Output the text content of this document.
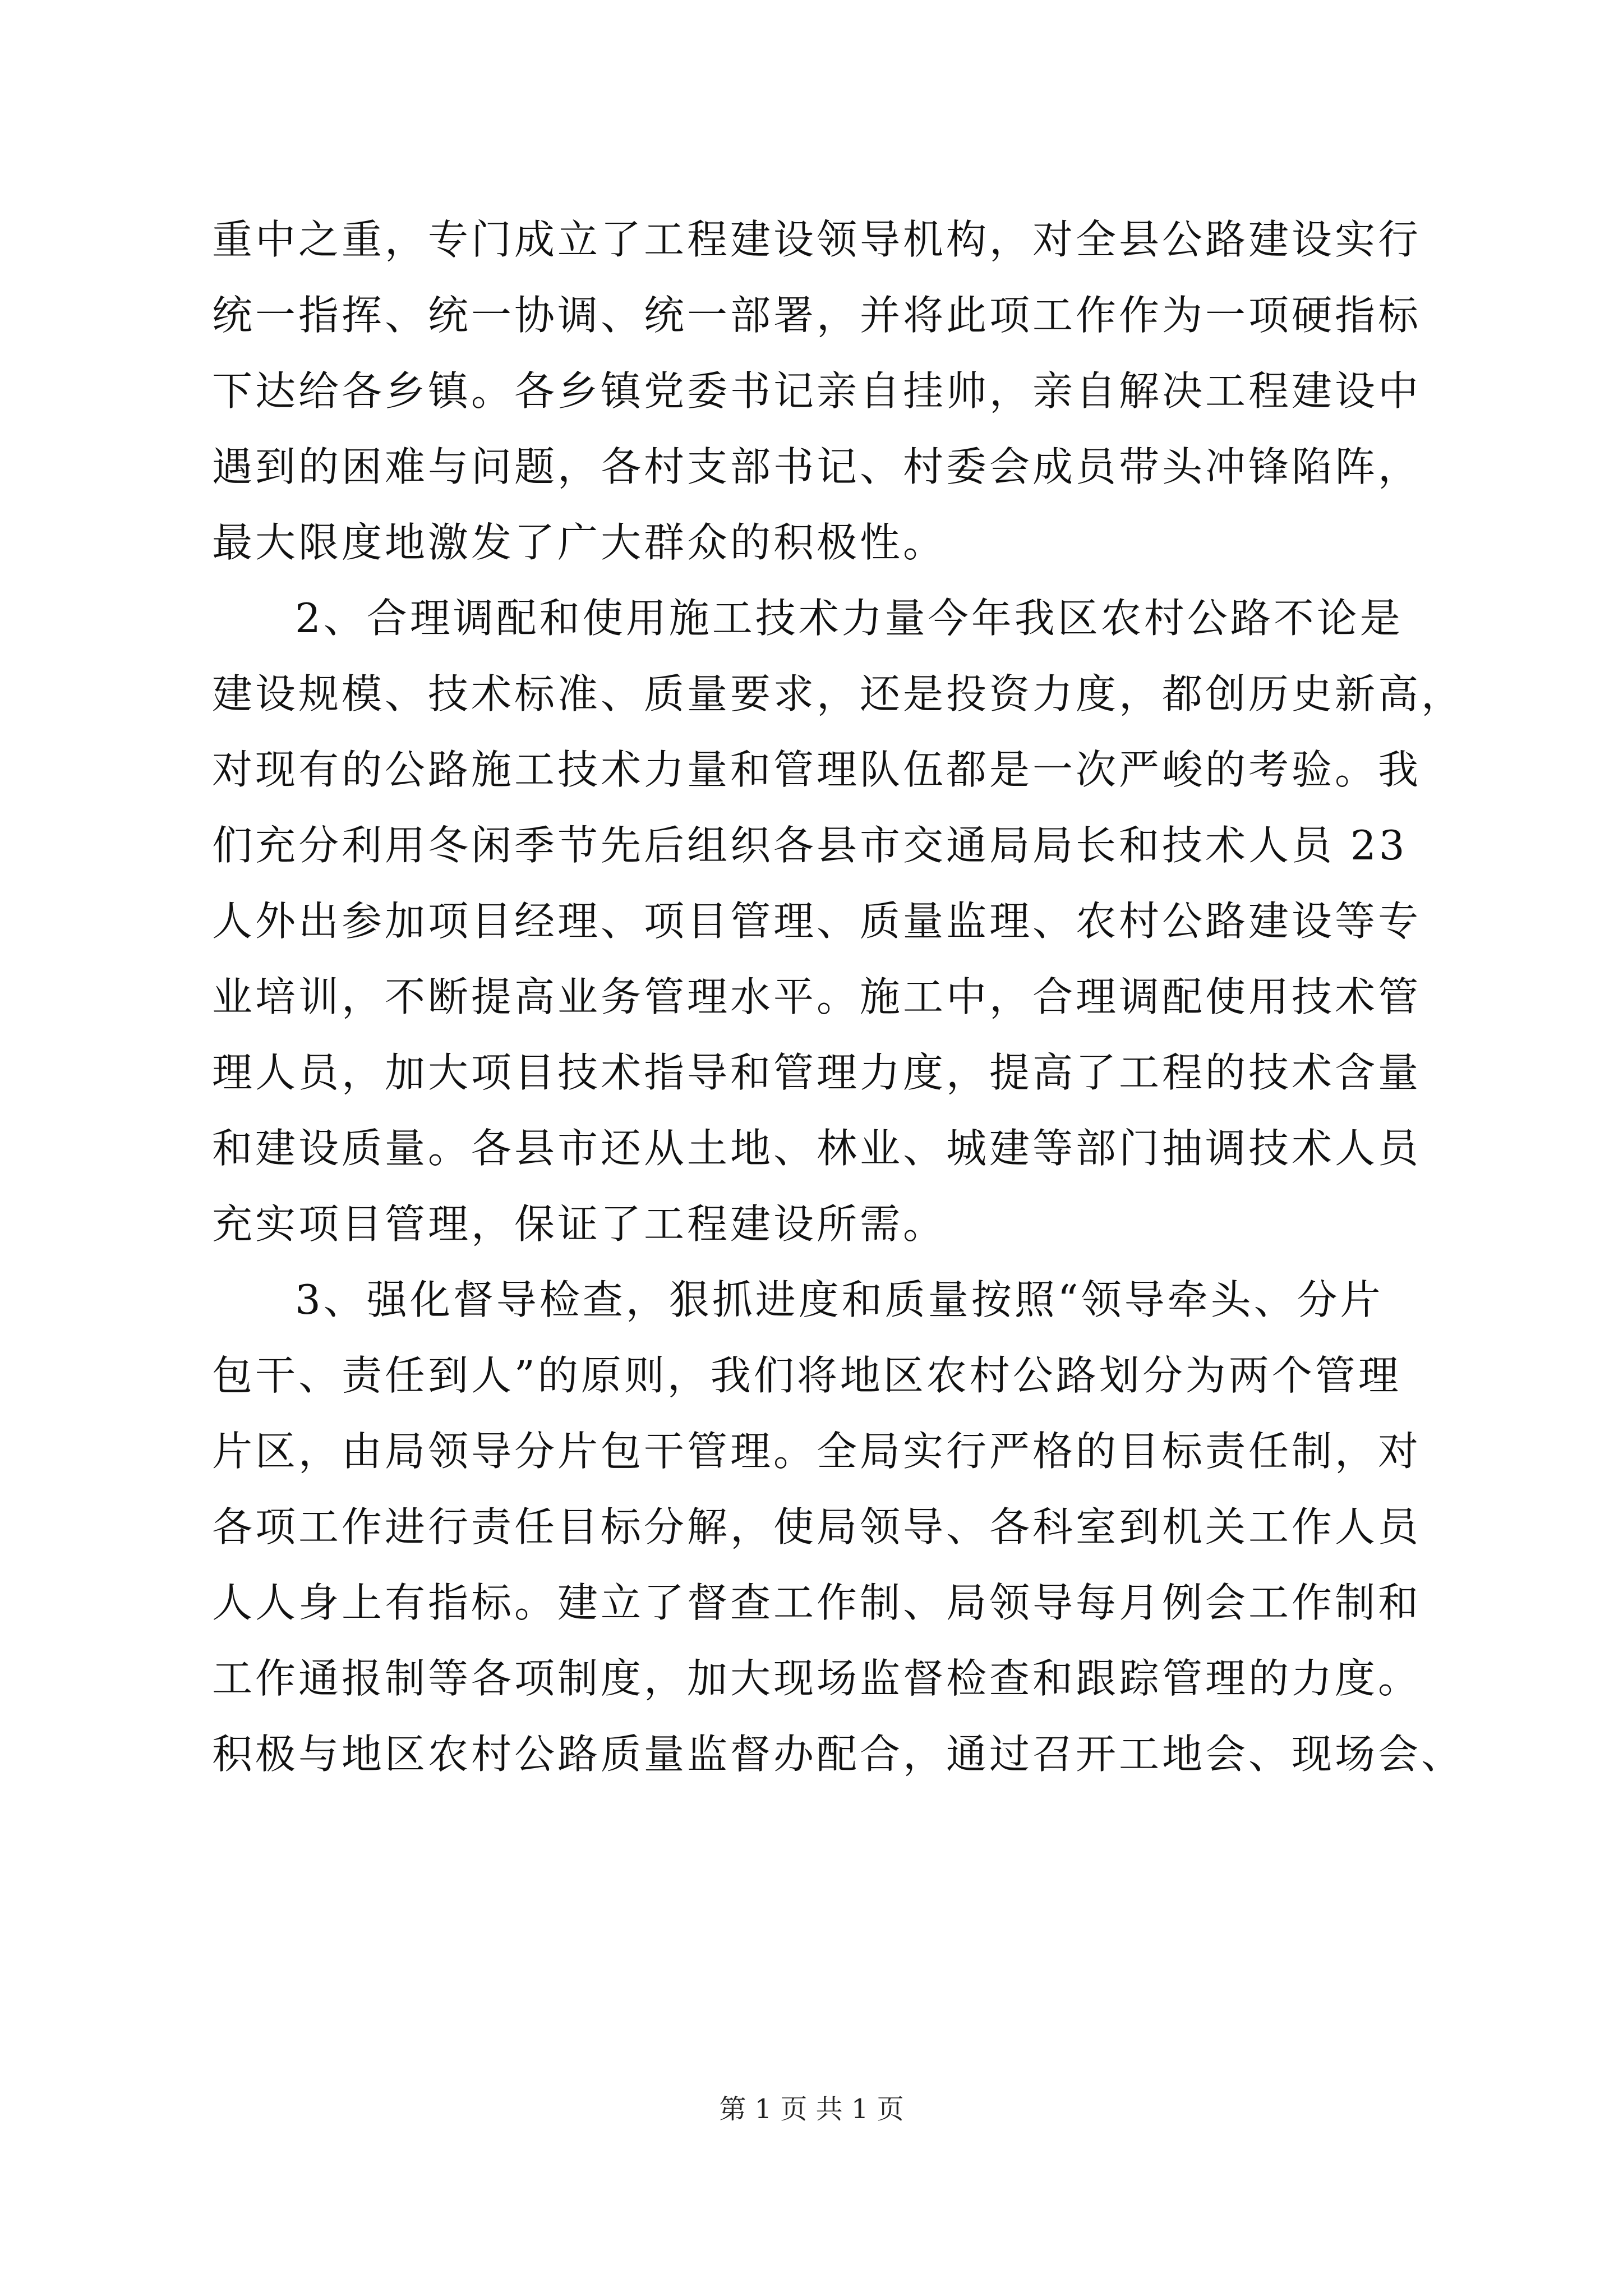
重中之重，专门成立了工程建设领导机构，对全县公路建设实行
统一指挥、统一协调、统一部署，并将此项工作作为一项硬指标
下达给各乡镇。各乡镇党委书记亲自挂帅，亲自解决工程建设中
遇到的困难与问题，各村支部书记、村委会成员带头冲锋陷阵，
最大限度地激发了广大群众的积极性。
2、合理调配和使用施工技术力量今年我区农村公路不论是
建设规模、技术标准、质量要求，还是投资力度，都创历史新高，
对现有的公路施工技术力量和管理队伍都是一次严峻的考验。我
们充分利用冬闲季节先后组织各县市交通局局长和技术人员 23
人外出参加项目经理、项目管理、质量监理、农村公路建设等专
业培训，不断提高业务管理水平。施工中，合理调配使用技术管
理人员，加大项目技术指导和管理力度，提高了工程的技术含量
和建设质量。各县市还从土地、林业、城建等部门抽调技术人员
充实项目管理，保证了工程建设所需。
3、强化督导检查，狠抓进度和质量按照“领导牵头、分片
包干、责任到人”的原则，我们将地区农村公路划分为两个管理
片区，由局领导分片包干管理。全局实行严格的目标责任制，对
各项工作进行责任目标分解，使局领导、各科室到机关工作人员
人人身上有指标。建立了督查工作制、局领导每月例会工作制和
工作通报制等各项制度，加大现场监督检查和跟踪管理的力度。
积极与地区农村公路质量监督办配合，通过召开工地会、现场会、
第 1 页 共 1 页
